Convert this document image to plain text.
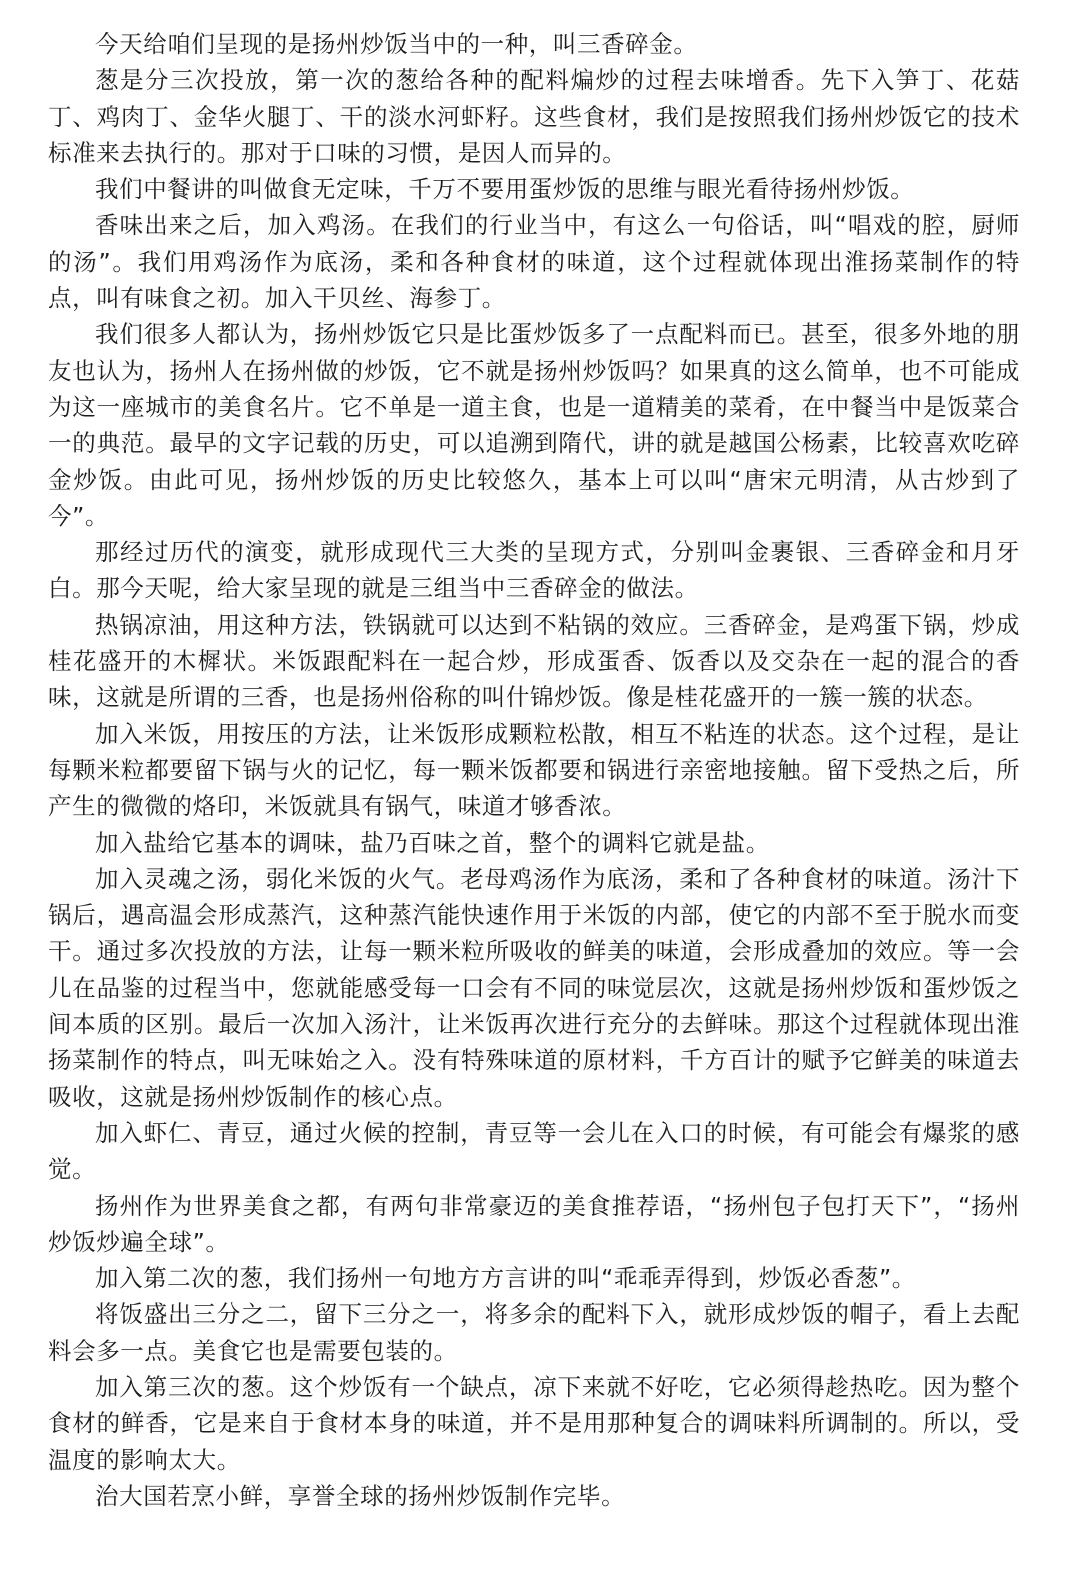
今天给咱们呈现的是扬州炒饭当中的一种，叫三香碎金。

葱是分三次投放，第一次的葱给各种的配料煸炒的过程去味增香。先下入笋丁、花菇丁、鸡肉丁、金华火腿丁、干的淡水河虾籽。这些食材，我们是按照我们扬州炒饭它的技术标准来去执行的。那对于口味的习惯，是因人而异的。

我们中餐讲的叫做食无定味，千万不要用蛋炒饭的思维与眼光看待扬州炒饭。

香味出来之后，加入鸡汤。在我们的行业当中，有这么一句俗话，叫“唱戏的腔，厨师的汤”。我们用鸡汤作为底汤，柔和各种食材的味道，这个过程就体现出淮扬菜制作的特点，叫有味食之初。加入干贝丝、海参丁。

我们很多人都认为，扬州炒饭它只是比蛋炒饭多了一点配料而已。甚至，很多外地的朋友也认为，扬州人在扬州做的炒饭，它不就是扬州炒饭吗？如果真的这么简单，也不可能成为这一座城市的美食名片。它不单是一道主食，也是一道精美的菜肴，在中餐当中是饭菜合一的典范。最早的文字记载的历史，可以追溯到隋代，讲的就是越国公杨素，比较喜欢吃碎金炒饭。由此可见，扬州炒饭的历史比较悠久，基本上可以叫“唐宋元明清，从古炒到了今”。

那经过历代的演变，就形成现代三大类的呈现方式，分别叫金裹银、三香碎金和月牙白。那今天呢，给大家呈现的就是三组当中三香碎金的做法。

热锅凉油，用这种方法，铁锅就可以达到不粘锅的效应。三香碎金，是鸡蛋下锅，炒成桂花盛开的木樨状。米饭跟配料在一起合炒，形成蛋香、饭香以及交杂在一起的混合的香味，这就是所谓的三香，也是扬州俗称的叫什锦炒饭。像是桂花盛开的一簇一簇的状态。

加入米饭，用按压的方法，让米饭形成颗粒松散，相互不粘连的状态。这个过程，是让每颗米粒都要留下锅与火的记忆，每一颗米饭都要和锅进行亲密地接触。留下受热之后，所产生的微微的烙印，米饭就具有锅气，味道才够香浓。

加入盐给它基本的调味，盐乃百味之首，整个的调料它就是盐。

加入灵魂之汤，弱化米饭的火气。老母鸡汤作为底汤，柔和了各种食材的味道。汤汁下锅后，遇高温会形成蒸汽，这种蒸汽能快速作用于米饭的内部，使它的内部不至于脱水而变干。通过多次投放的方法，让每一颗米粒所吸收的鲜美的味道，会形成叠加的效应。等一会儿在品鉴的过程当中，您就能感受每一口会有不同的味觉层次，这就是扬州炒饭和蛋炒饭之间本质的区别。最后一次加入汤汁，让米饭再次进行充分的去鲜味。那这个过程就体现出淮扬菜制作的特点，叫无味始之入。没有特殊味道的原材料，千方百计的赋予它鲜美的味道去吸收，这就是扬州炒饭制作的核心点。

加入虾仁、青豆，通过火候的控制，青豆等一会儿在入口的时候，有可能会有爆浆的感觉。

扬州作为世界美食之都，有两句非常豪迈的美食推荐语，“扬州包子包打天下”，“扬州炒饭炒遍全球”。

加入第二次的葱，我们扬州一句地方方言讲的叫“乖乖弄得到，炒饭必香葱”。

将饭盛出三分之二，留下三分之一，将多余的配料下入，就形成炒饭的帽子，看上去配料会多一点。美食它也是需要包装的。

加入第三次的葱。这个炒饭有一个缺点，凉下来就不好吃，它必须得趁热吃。因为整个食材的鲜香，它是来自于食材本身的味道，并不是用那种复合的调味料所调制的。所以，受温度的影响太大。

治大国若烹小鲜，享誉全球的扬州炒饭制作完毕。
